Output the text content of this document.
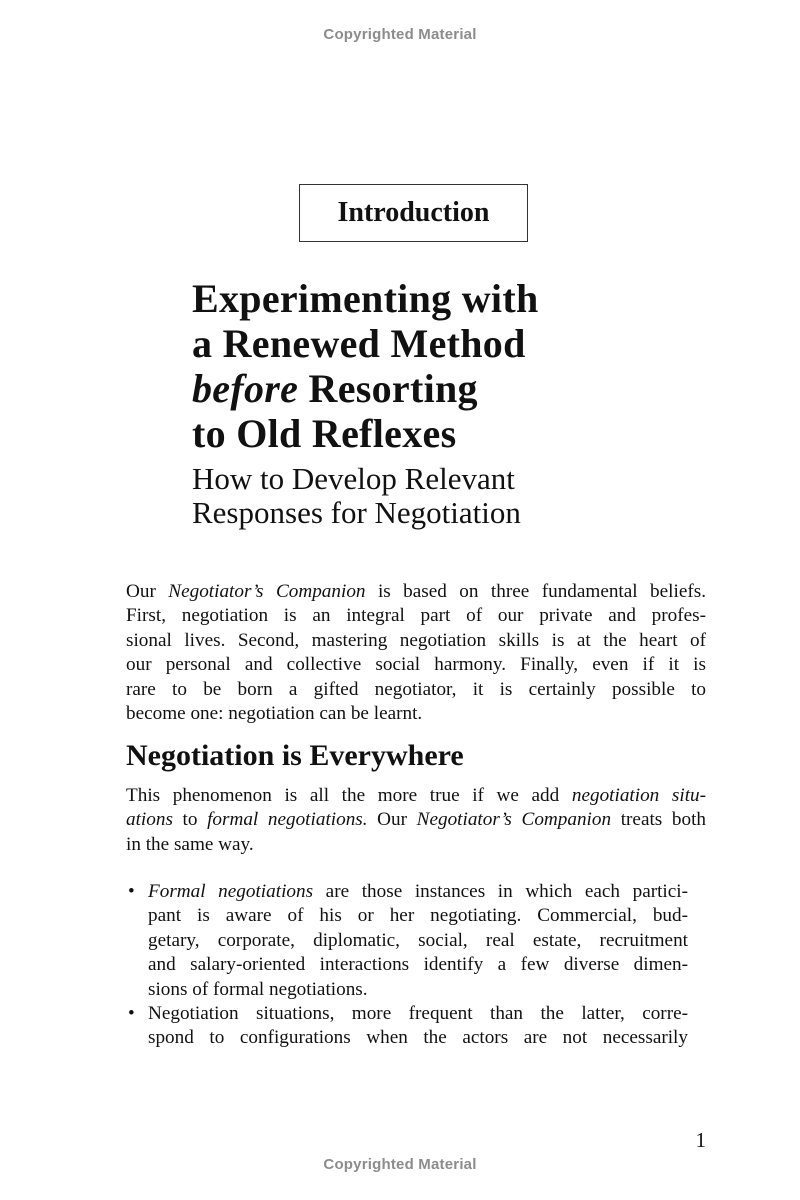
Copyrighted Material
Introduction
Experimenting with
a Renewed Method
before Resorting
to Old Reflexes
How to Develop Relevant
Responses for Negotiation
Our Negotiator’s Companion is based on three fundamental beliefs.
First, negotiation is an integral part of our private and profes-
sional lives. Second, mastering negotiation skills is at the heart of
our personal and collective social harmony. Finally, even if it is
rare to be born a gifted negotiator, it is certainly possible to
become one: negotiation can be learnt.
Negotiation is Everywhere
This phenomenon is all the more true if we add negotiation situ-
ations to formal negotiations. Our Negotiator’s Companion treats both
in the same way.
• Formal negotiations are those instances in which each partici-
pant is aware of his or her negotiating. Commercial, bud-
getary, corporate, diplomatic, social, real estate, recruitment
and salary-oriented interactions identify a few diverse dimen-
sions of formal negotiations.
• Negotiation situations, more frequent than the latter, corre-
spond to configurations when the actors are not necessarily
1
Copyrighted Material
